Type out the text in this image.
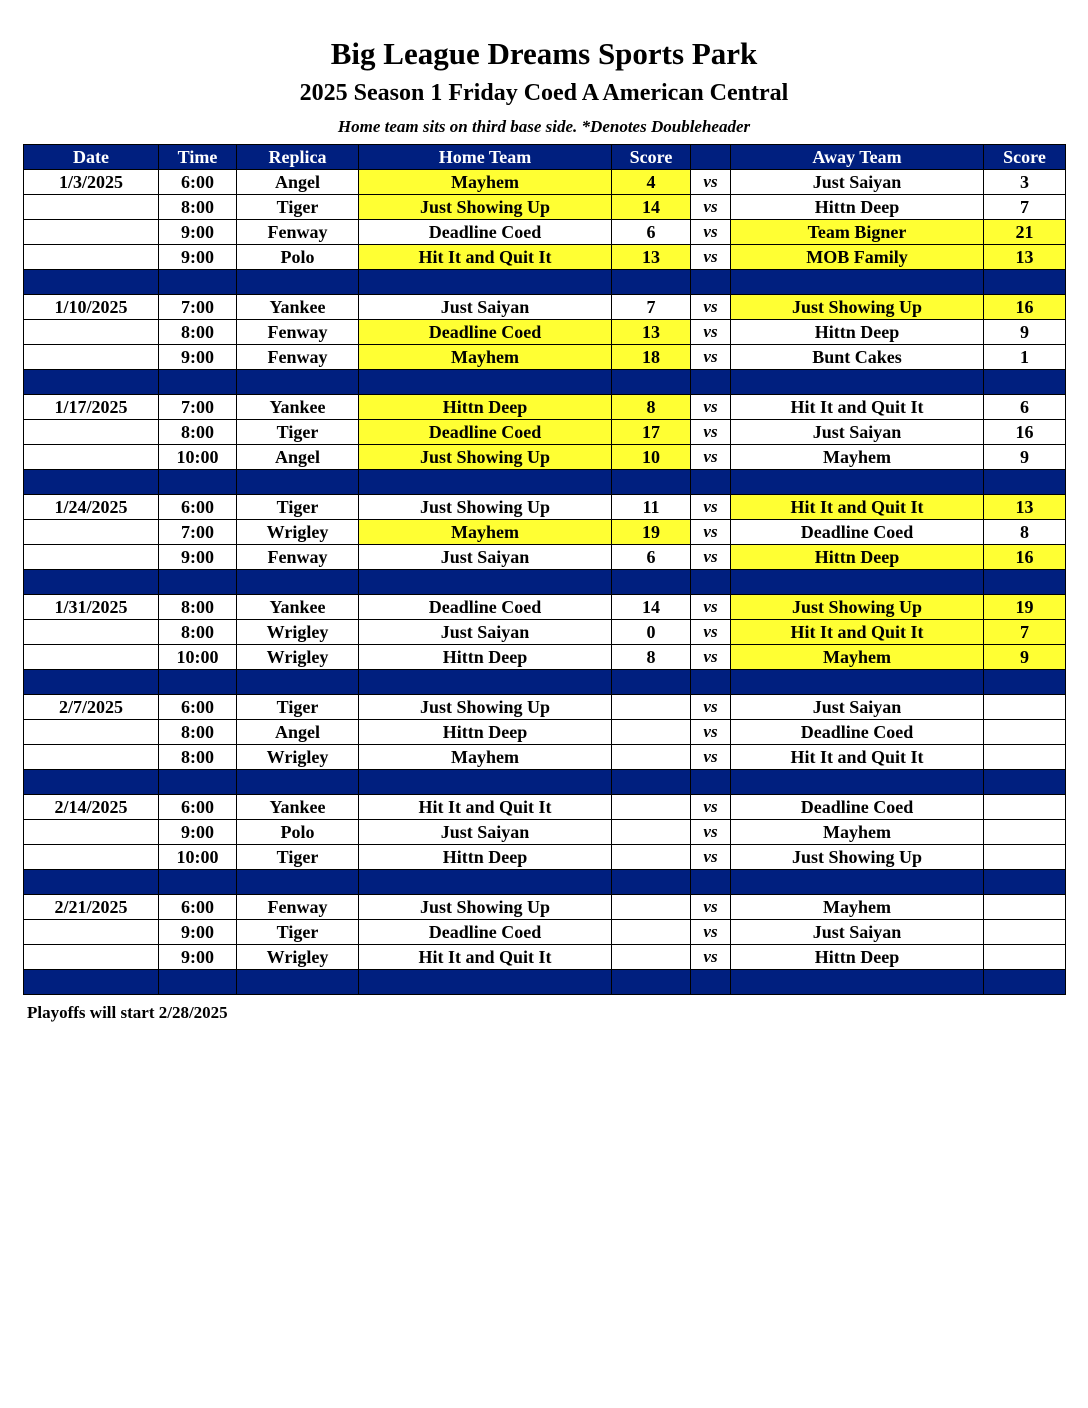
Big League Dreams Sports Park
2025 Season 1 Friday Coed A American Central
Home team sits on third base side. *Denotes Doubleheader
Date	Time	Replica	Home Team	Score		Away Team	Score
1/3/2025	6:00	Angel	Mayhem	4	vs	Just Saiyan	3
	8:00	Tiger	Just Showing Up	14	vs	Hittn Deep	7
	9:00	Fenway	Deadline Coed	6	vs	Team Bigner	21
	9:00	Polo	Hit It and Quit It	13	vs	MOB Family	13

1/10/2025	7:00	Yankee	Just Saiyan	7	vs	Just Showing Up	16
	8:00	Fenway	Deadline Coed	13	vs	Hittn Deep	9
	9:00	Fenway	Mayhem	18	vs	Bunt Cakes	1

1/17/2025	7:00	Yankee	Hittn Deep	8	vs	Hit It and Quit It	6
	8:00	Tiger	Deadline Coed	17	vs	Just Saiyan	16
	10:00	Angel	Just Showing Up	10	vs	Mayhem	9

1/24/2025	6:00	Tiger	Just Showing Up	11	vs	Hit It and Quit It	13
	7:00	Wrigley	Mayhem	19	vs	Deadline Coed	8
	9:00	Fenway	Just Saiyan	6	vs	Hittn Deep	16

1/31/2025	8:00	Yankee	Deadline Coed	14	vs	Just Showing Up	19
	8:00	Wrigley	Just Saiyan	0	vs	Hit It and Quit It	7
	10:00	Wrigley	Hittn Deep	8	vs	Mayhem	9

2/7/2025	6:00	Tiger	Just Showing Up		vs	Just Saiyan	
	8:00	Angel	Hittn Deep		vs	Deadline Coed	
	8:00	Wrigley	Mayhem		vs	Hit It and Quit It	

2/14/2025	6:00	Yankee	Hit It and Quit It		vs	Deadline Coed	
	9:00	Polo	Just Saiyan		vs	Mayhem	
	10:00	Tiger	Hittn Deep		vs	Just Showing Up	

2/21/2025	6:00	Fenway	Just Showing Up		vs	Mayhem	
	9:00	Tiger	Deadline Coed		vs	Just Saiyan	
	9:00	Wrigley	Hit It and Quit It		vs	Hittn Deep	

Playoffs will start 2/28/2025
